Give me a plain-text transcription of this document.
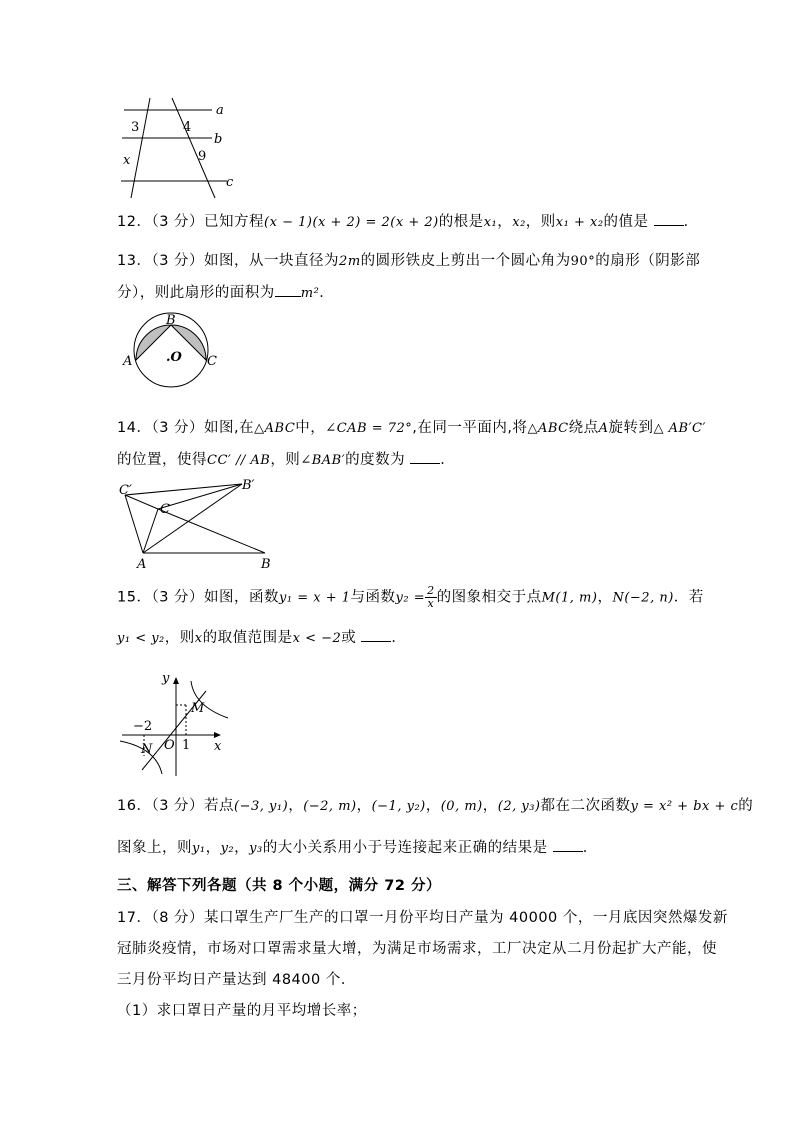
a
b
c
3	4
x	9
12．（3 分）已知方程(x − 1)(x + 2) = 2(x + 2)的根是x₁，x₂，则x₁ + x₂的值是 ．
13．（3 分）如图，从一块直径为2m的圆形铁皮上剪出一个圆心角为90°的扇形（阴影部
分），则此扇形的面积为 m²．
B
A	.O C
14．（3 分）如图,在△ABC中，∠CAB = 72°,在同一平面内,将△ABC绕点A旋转到△ AB′C′
的位置，使得CC′ // AB，则∠BAB′的度数为 ．
C′	B′
C
A	B
15．（3 分）如图，函数y₁ = x + 1与函数$y_2 = \frac{2}{x}$ 的图象相交于点M(1, m)，N(−2, n)．若
y₁ < y₂，则x的取值范围是x < −2或 ．
y
x
M
N O
−2
1
16．（3 分）若点(−3, y₁)，(−2, m)，(−1, y₂)，(0, m)，(2, y₃)都在二次函数y = x² + bx + c的
图象上，则y₁，y₂，y₃的大小关系用小于号连接起来正确的结果是 ．
三、解答下列各题（共 8 个小题，满分 72 分）
17．（8 分）某口罩生产厂生产的口罩一月份平均日产量为 40000 个，一月底因突然爆发新
冠肺炎疫情，市场对口罩需求量大增，为满足市场需求，工厂决定从二月份起扩大产能，使
三月份平均日产量达到 48400 个．
（1）求口罩日产量的月平均增长率；
